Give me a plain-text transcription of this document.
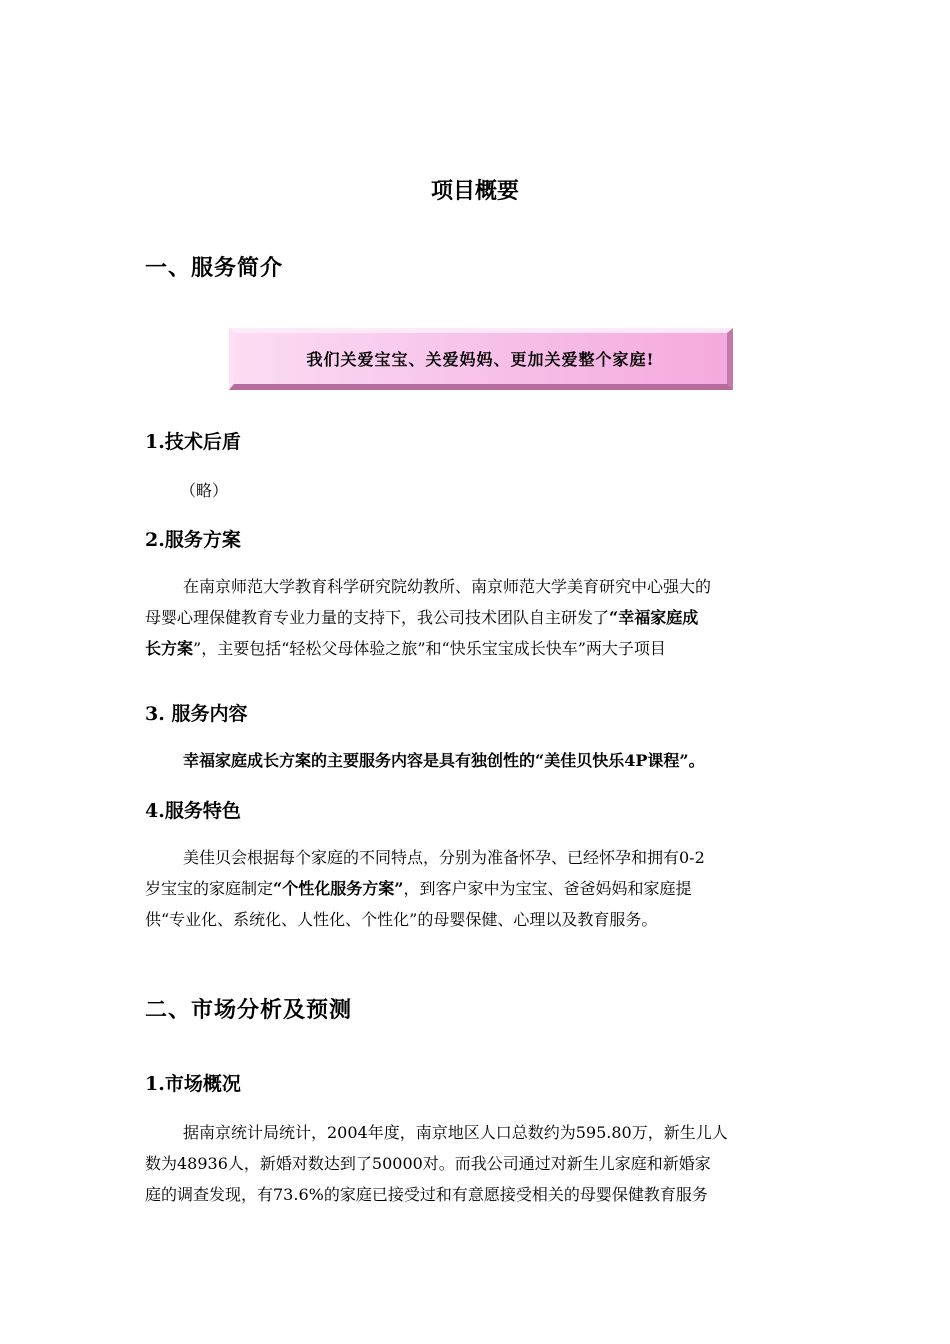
项目概要
一、服务简介
我们关爱宝宝、关爱妈妈、更加关爱整个家庭!
1.技术后盾
（略）
2.服务方案

在南京师范大学教育科学研究院幼教所、南京师范大学美育研究中心强大的

母婴心理保健教育专业力量的支持下，我公司技术团队自主研发了“幸福家庭成

长方案”，主要包括“轻松父母体验之旅”和“快乐宝宝成长快车”两大子项目

3. 服务内容
幸福家庭成长方案的主要服务内容是具有独创性的“美佳贝快乐4P课程”。
4.服务特色

美佳贝会根据每个家庭的不同特点，分别为准备怀孕、已经怀孕和拥有0-2

岁宝宝的家庭制定“个性化服务方案”，到客户家中为宝宝、爸爸妈妈和家庭提

供“专业化、系统化、人性化、个性化”的母婴保健、心理以及教育服务。

二、市场分析及预测
1.市场概况

据南京统计局统计，2004年度，南京地区人口总数约为595.80万，新生儿人

数为48936人，新婚对数达到了50000对。而我公司通过对新生儿家庭和新婚家

庭的调查发现，有73.6%的家庭已接受过和有意愿接受相关的母婴保健教育服务
